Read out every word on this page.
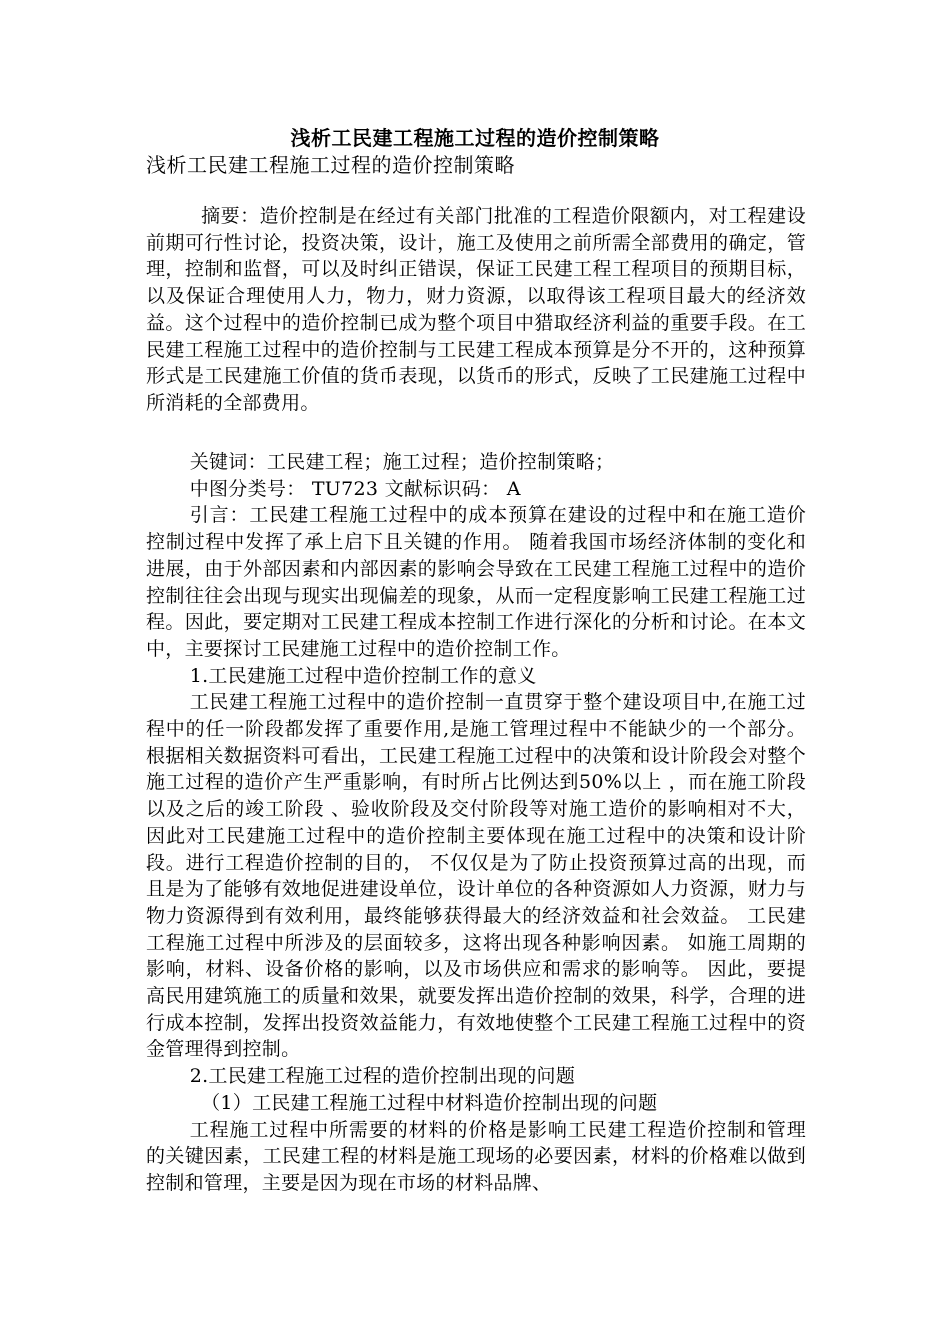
浅析工民建工程施工过程的造价控制策略
浅析工民建工程施工过程的造价控制策略

摘要：造价控制是在经过有关部门批准的工程造价限额内，对工程建设前期可行性讨论，投资决策，设计，施工及使用之前所需全部费用的确定，管理，控制和监督，可以及时纠正错误，保证工民建工程工程项目的预期目标，以及保证合理使用人力，物力，财力资源，以取得该工程项目最大的经济效益。这个过程中的造价控制已成为整个项目中猎取经济利益的重要手段。在工民建工程施工过程中的造价控制与工民建工程成本预算是分不开的，这种预算形式是工民建施工价值的货币表现，以货币的形式，反映了工民建施工过程中所消耗的全部费用。

关键词：工民建工程；施工过程；造价控制策略；

中图分类号： TU723 文献标识码： A

引言：工民建工程施工过程中的成本预算在建设的过程中和在施工造价控制过程中发挥了承上启下且关键的作用。 随着我国市场经济体制的变化和进展，由于外部因素和内部因素的影响会导致在工民建工程施工过程中的造价控制往往会出现与现实出现偏差的现象，从而一定程度影响工民建工程施工过程。因此，要定期对工民建工程成本控制工作进行深化的分析和讨论。在本文中，主要探讨工民建施工过程中的造价控制工作。

1.工民建施工过程中造价控制工作的意义

工民建工程施工过程中的造价控制一直贯穿于整个建设项目中,在施工过程中的任一阶段都发挥了重要作用,是施工管理过程中不能缺少的一个部分。 根据相关数据资料可看出，工民建工程施工过程中的决策和设计阶段会对整个施工过程的造价产生严重影响，有时所占比例达到50%以上 ，而在施工阶段以及之后的竣工阶段 、验收阶段及交付阶段等对施工造价的影响相对不大，因此对工民建施工过程中的造价控制主要体现在施工过程中的决策和设计阶段。进行工程造价控制的目的， 不仅仅是为了防止投资预算过高的出现，而且是为了能够有效地促进建设单位，设计单位的各种资源如人力资源，财力与物力资源得到有效利用，最终能够获得最大的经济效益和社会效益。 工民建工程施工过程中所涉及的层面较多，这将出现各种影响因素。 如施工周期的影响，材料、设备价格的影响，以及市场供应和需求的影响等。 因此，要提高民用建筑施工的质量和效果，就要发挥出造价控制的效果，科学，合理的进行成本控制，发挥出投资效益能力，有效地使整个工民建工程施工过程中的资金管理得到控制。

2.工民建工程施工过程的造价控制出现的问题

（1）工民建工程施工过程中材料造价控制出现的问题

工程施工过程中所需要的材料的价格是影响工民建工程造价控制和管理的关键因素，工民建工程的材料是施工现场的必要因素，材料的价格难以做到控制和管理，主要是因为现在市场的材料品牌、
